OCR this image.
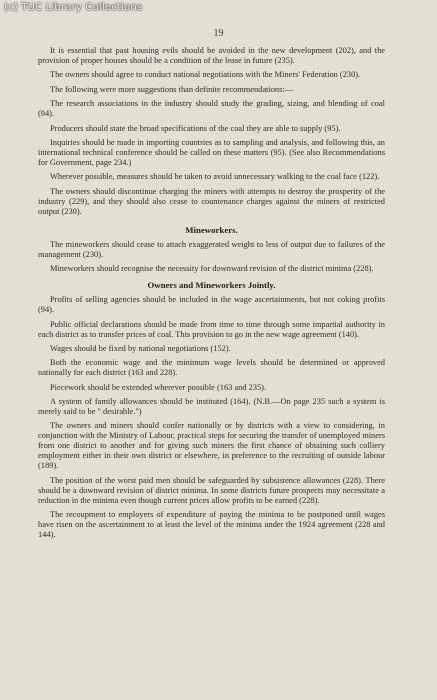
(c) TUC Library Collections
19

It is essential that past housing evils should be avoided in the new development (202), and the provision of proper houses should be a condition of the lease in future (235).

The owners should agree to conduct national negotiations with the Miners' Federation (230).

The following were more suggestions than definite recommendations:—

The research associations in the industry should study the grading, sizing, and blending of coal (94).

Producers should state the broad specifications of the coal they are able to supply (95).

Inquiries should be made in importing countries as to sampling and analysis, and following this, an international technical conference should be called on these matters (95). (See also Recommendations for Government, page 234.)

Wherever possible, measures should be taken to avoid unnecessary walking to the coal face (122).

The owners should discontinue charging the miners with attempts to destroy the prosperity of the industry (229), and they should also cease to countenance charges against the miners of restricted output (230).

Mineworkers.

The mineworkers should cease to attach exaggerated weight to less of output due to failures of the management (230).

Mineworkers should recognise the necessity for downward revision of the district minima (228).

Owners and Mineworkers Jointly.

Profits of selling agencies should be included in the wage ascertainments, but not coking profits (94).

Public official declarations should be made from time to time through some impartial authority in each district as to transfer prices of coal. This provision to go in the new wage agreement (140).

Wages should be fixed by national negotiations (152).

Both the economic wage and the minimum wage levels should be determined or approved nationally for each district (163 and 228).

Piecework should be extended wherever possible (163 and 235).

A system of family allowances should be instituted (164). (N.B.—On page 235 such a system is merely said to be " desirable.")

The owners and miners should confer nationally or by districts with a view to considering, in conjunction with the Ministry of Labour, practical steps for securing the transfer of unemployed miners from one district to another and for giving such miners the first chance of obtaining such colliery employment either in their own district or elsewhere, in preference to the recruiting of outside labour (189).

The position of the worst paid men should be safeguarded by subsistence allowances (228). There should be a downward revision of district minima. In some districts future prospects may necessitate a reduction in the minima even though current prices allow profits to be earned (228).

The recoupment to employers of expenditure of paying the minima to be postponed until wages have risen on the ascertainment to at least the level of the minima under the 1924 agreement (228 and 144).
